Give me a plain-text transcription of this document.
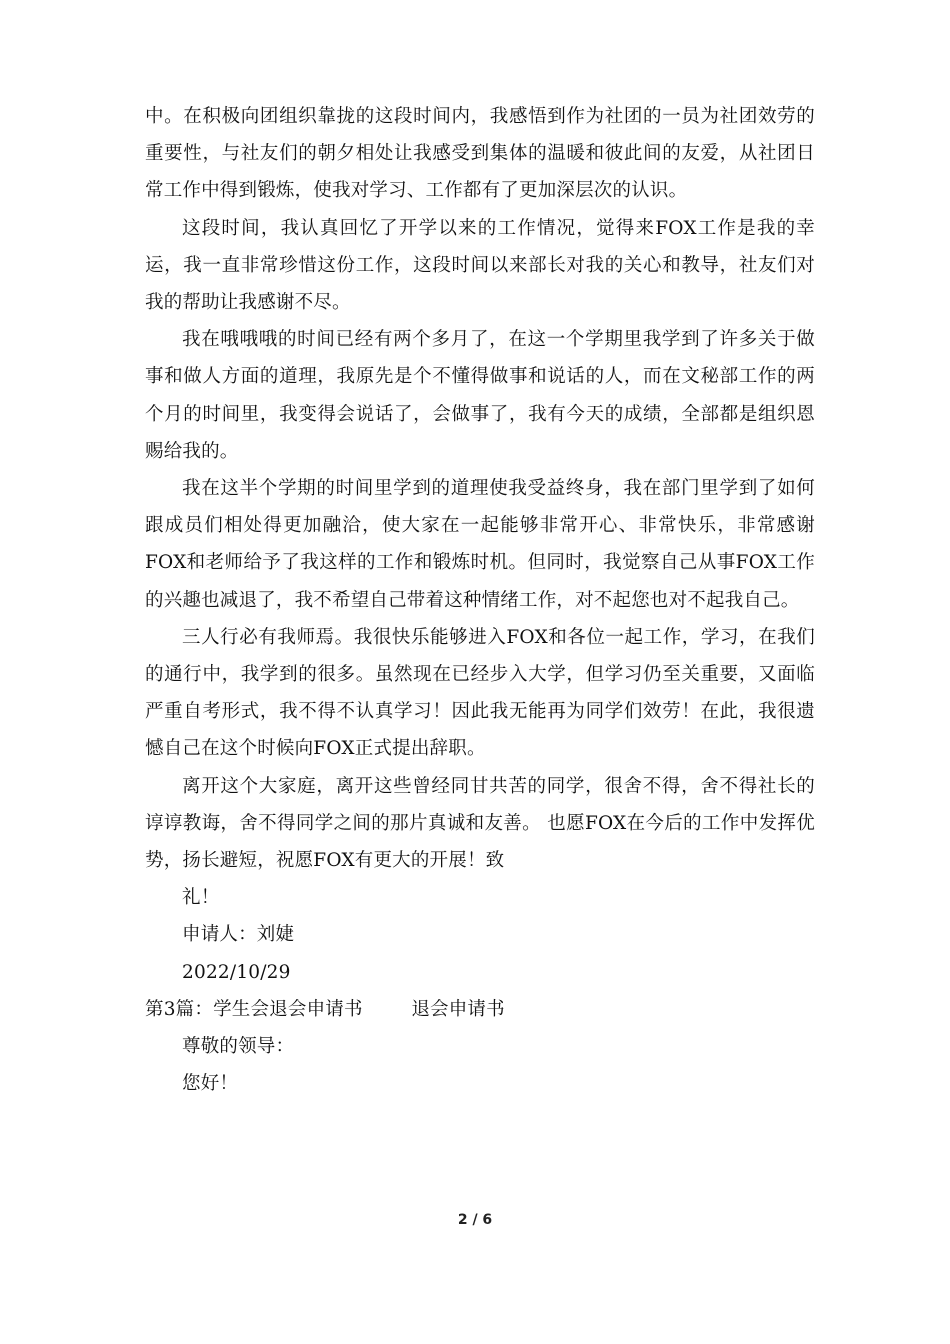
中。在积极向团组织靠拢的这段时间内，我感悟到作为社团的一员为社团效劳的重要性，与社友们的朝夕相处让我感受到集体的温暖和彼此间的友爱，从社团日常工作中得到锻炼，使我对学习、工作都有了更加深层次的认识。

这段时间，我认真回忆了开学以来的工作情况，觉得来FOX工作是我的幸运，我一直非常珍惜这份工作，这段时间以来部长对我的关心和教导，社友们对我的帮助让我感谢不尽。

我在哦哦哦的时间已经有两个多月了，在这一个学期里我学到了许多关于做事和做人方面的道理，我原先是个不懂得做事和说话的人，而在文秘部工作的两个月的时间里，我变得会说话了，会做事了，我有今天的成绩，全部都是组织恩赐给我的。

我在这半个学期的时间里学到的道理使我受益终身，我在部门里学到了如何跟成员们相处得更加融洽，使大家在一起能够非常开心、非常快乐，非常感谢FOX和老师给予了我这样的工作和锻炼时机。但同时，我觉察自己从事FOX工作的兴趣也减退了，我不希望自己带着这种情绪工作，对不起您也对不起我自己。

三人行必有我师焉。我很快乐能够进入FOX和各位一起工作，学习，在我们的通行中，我学到的很多。虽然现在已经步入大学，但学习仍至关重要，又面临严重自考形式，我不得不认真学习！因此我无能再为同学们效劳！在此，我很遗憾自己在这个时候向FOX正式提出辞职。

离开这个大家庭，离开这些曾经同甘共苦的同学，很舍不得，舍不得社长的谆谆教诲，舍不得同学之间的那片真诚和友善。 也愿FOX在今后的工作中发挥优势，扬长避短，祝愿FOX有更大的开展！致

礼！

申请人：刘婕

2022/10/29

第3篇：学生会退会申请书        退会申请书

尊敬的领导：

您好！

2 / 6
